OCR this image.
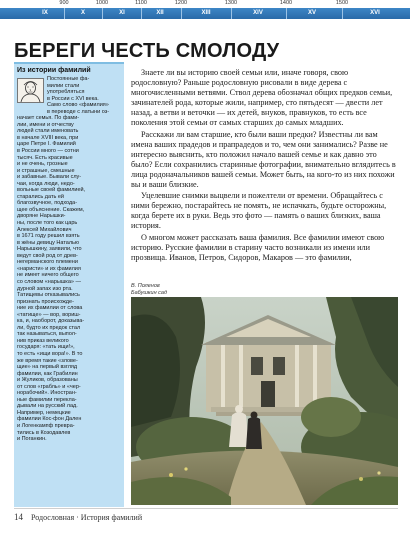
900	1000	1100	1200	1300	1400	1500
IX	X	XI	XII	XIII	XIV	XV	XVI
БЕРЕГИ ЧЕСТЬ СМОЛОДУ
Из истории фамилий
Постоянные фа-
милии стали
употребляться
в России с XVI века.
Само слово «фамилия»
в переводе с латыни оз-
начает семья. По фами-
лии, имени и отчеству
людей стали именовать
в начале XVIII века, при
царе Петре I. Фамилий
в России много — сотни
тысяч. Есть красивые
и не очень, грозные
и страшные, смешные
и забавные. Бывали слу-
чаи, когда люди, недо-
вольные своей фамилией,
старались дать ей
благозвучное, подхода-
щее объяснение. Скажем,
дворяне Нарышки-
ны, после того как царь
Алексей Михайлович
в 1671 году решил взять
в жёны девицу Наталью
Нарышкину, заявили, что
ведут свой род от древ-
негерманского племени
«наристи» и их фамилия
не имеет ничего общего
со словом «нарышка» —
дурной запах изо рта.
Татищевы отказывались
признать происхожде-
ние их фамилии от слова
«татище» — вор, вориш-
ка, и, наоборот, доказыва-
ли, будто их предок стал
так называться, выпол-
нив приказ великого
государя: «тать ищи!»,
то есть «ищи вора!». В то
же время такие «злове-
щие» на первый взгляд
фамилии, как Грабилин
и Жуликов, образованы
от слов «грабль» и «чер-
норабочий». Иностран-
ные фамилии перекла-
дывали на русский лад.
Например, немецкие
фамилии Кос-фон Дален
и Логенкампф превра-
тились в Козодавлев
и Поганкин.

Знаете ли вы историю своей семьи или, иначе говоря, свою родословную? Раньше родословную рисовали в виде дерева с многочисленными ветвями. Ствол дерева обозначал общих предков семьи, зачинателей рода, которые жили, например, сто пятьдесят — двести лет назад, а ветви и веточки — их детей, внуков, правнуков, то есть все поколения этой семьи от самых старших до самых младших.

Расскажи ли вам старшие, кто были ваши предки? Известны ли вам имена ваших прадедов и прапрадедов и то, чем они занимались? Разве не интересно выяснить, кто положил начало вашей семье и как давно это было? Если сохранились старинные фотографии, внимательно вглядитесь в лица родоначальников вашей семьи. Может быть, на кого-то из них похожи вы и ваши близкие.

Уцелевшие снимки выцвели и пожелтели от времени. Обращайтесь с ними бережно, постарайтесь не помять, не испачкать, будьте осторожны, когда берете их в руки. Ведь это фото — память о ваших близких, ваша история.

О многом может рассказать ваша фамилия. Все фамилии имеют свою историю. Русские фамилии в старину часто возникали из имени или прозвища. Иванов, Петров, Сидоров, Макаров — это фамилии,

В. Поленов
Бабушкин сад
14 Родословная · История фамилий
